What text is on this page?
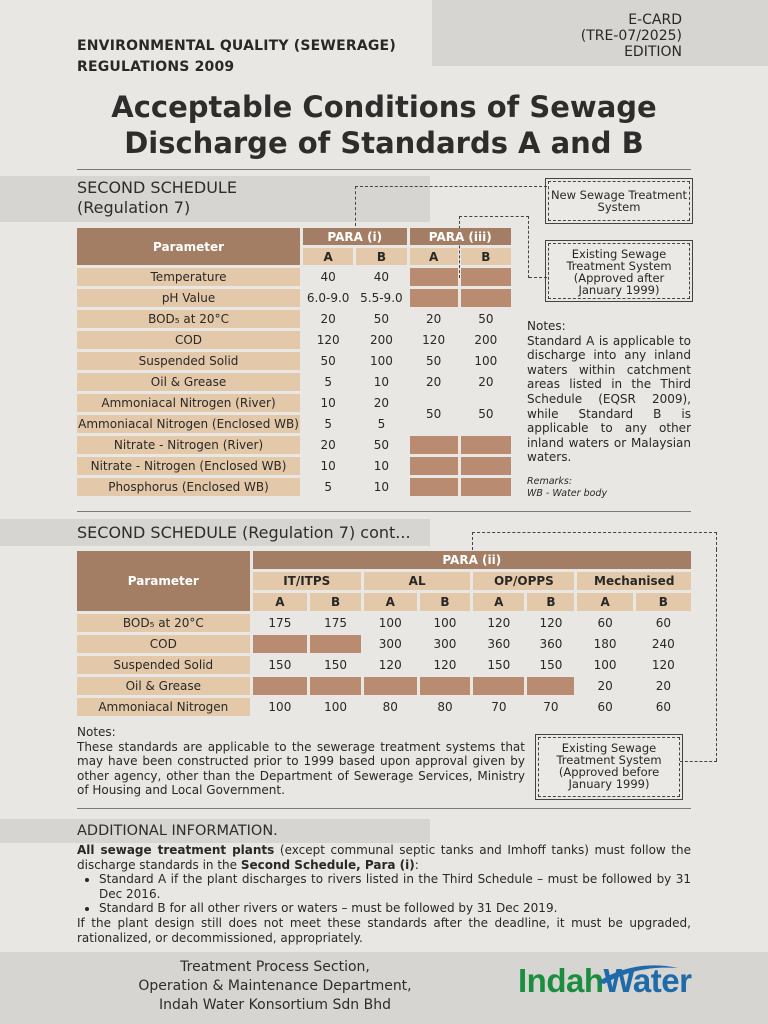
E-CARD
(TRE-07/2025)
EDITION
ENVIRONMENTAL QUALITY (SEWERAGE)
REGULATIONS 2009
Acceptable Conditions of Sewage
Discharge of Standards A and B
SECOND SCHEDULE
(Regulation 7)
New Sewage Treatment System
Existing Sewage Treatment System (Approved after January 1999)
Parameter	PARA (i)		PARA (iii)	
	A	B	A	B
Temperature	40	40		
pH Value	6.0-9.0	5.5-9.0		
BOD₅ at 20°C	20	50	20	50
COD	120	200	120	200
Suspended Solid	50	100	50	100
Oil & Grease	5	10	20	20
Ammoniacal Nitrogen (River)	10	20	50	50
Ammoniacal Nitrogen (Enclosed WB)	5	5		
Nitrate - Nitrogen (River)	20	50		
Nitrate - Nitrogen (Enclosed WB)	10	10		
Phosphorus (Enclosed WB)	5	10		
Notes:
Standard A is applicable to discharge into any inland waters within catchment areas listed in the Third Schedule (EQSR 2009), while Standard B is applicable to any other inland waters or Malaysian waters.
Remarks:
WB - Water body
SECOND SCHEDULE (Regulation 7) cont...
Parameter	PARA (ii)							
	IT/ITPS		AL		OP/OPPS		Mechanised	
	A	B	A	B	A	B	A	B
BOD₅ at 20°C	175	175	100	100	120	120	60	60
COD			300	300	360	360	180	240
Suspended Solid	150	150	120	120	150	150	100	120
Oil & Grease							20	20
Ammoniacal Nitrogen	100	100	80	80	70	70	60	60
Notes:
These standards are applicable to the sewerage treatment systems that may have been constructed prior to 1999 based upon approval given by other agency, other than the Department of Sewerage Services, Ministry of Housing and Local Government.
Existing Sewage Treatment System (Approved before January 1999)
ADDITIONAL INFORMATION.
All sewage treatment plants (except communal septic tanks and Imhoff tanks) must follow the discharge standards in the Second Schedule, Para (i):
• Standard A if the plant discharges to rivers listed in the Third Schedule – must be followed by 31 Dec 2016.
• Standard B for all other rivers or waters – must be followed by 31 Dec 2019.
If the plant design still does not meet these standards after the deadline, it must be upgraded, rationalized, or decommissioned, appropriately.
Treatment Process Section,
Operation & Maintenance Department,
Indah Water Konsortium Sdn Bhd
IndahWater
